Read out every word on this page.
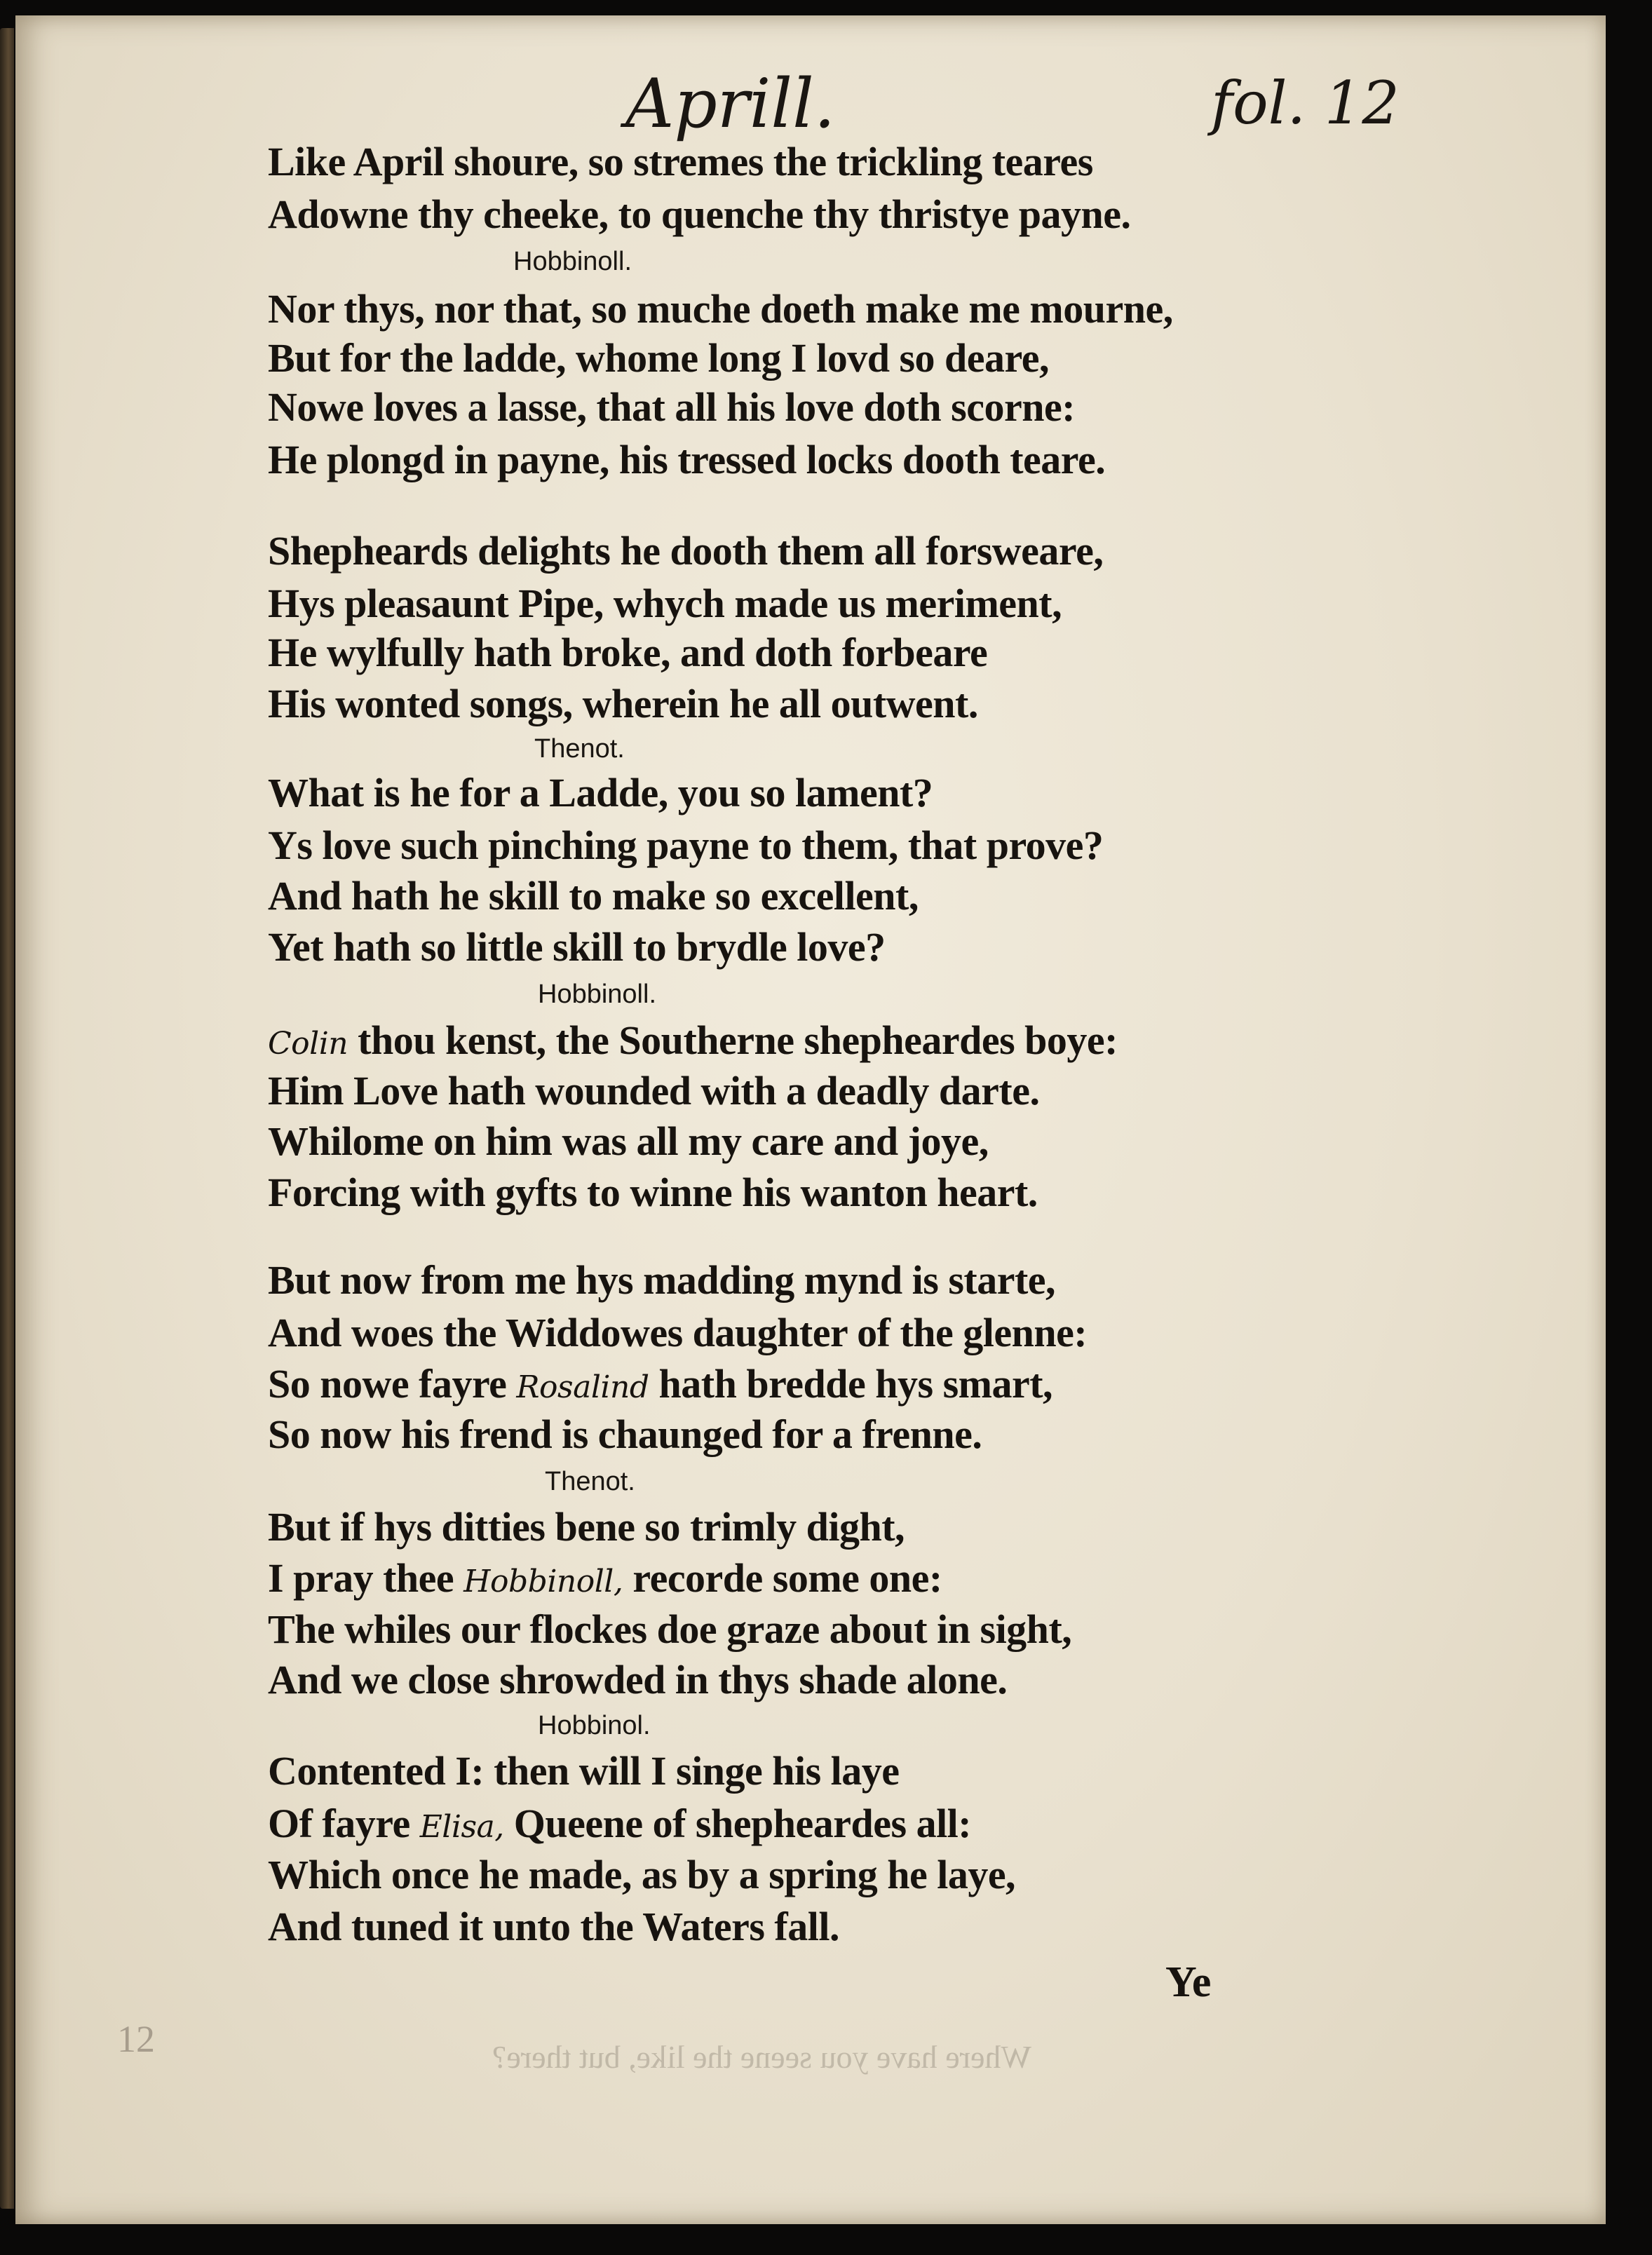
Aprill.	fol. 12
Like April shoure, so stremes the trickling teares
Adowne thy cheeke, to quenche thy thristye payne.
Hobbinoll.
Nor thys, nor that, so muche doeth make me mourne,
But for the ladde, whome long I lovd so deare,
Nowe loves a lasse, that all his love doth scorne:
He plongd in payne, his tressed locks dooth teare.
Shepheards delights he dooth them all forsweare,
Hys pleasaunt Pipe, whych made us meriment,
He wylfully hath broke, and doth forbeare
His wonted songs, wherein he all outwent.
Thenot.
What is he for a Ladde, you so lament?
Ys love such pinching payne to them, that prove?
And hath he skill to make so excellent,
Yet hath so little skill to brydle love?
Hobbinoll.
Colin thou kenst, the Southerne shepheardes boye:
Him Love hath wounded with a deadly darte.
Whilome on him was all my care and joye,
Forcing with gyfts to winne his wanton heart.
But now from me hys madding mynd is starte,
And woes the Widdowes daughter of the glenne:
So nowe fayre Rosalind hath bredde hys smart,
So now his frend is chaunged for a frenne.
Thenot.
But if hys ditties bene so trimly dight,
I pray thee Hobbinoll, recorde some one:
The whiles our flockes doe graze about in sight,
And we close shrowded in thys shade alone.
Hobbinol.
Contented I: then will I singe his laye
Of fayre Elisa, Queene of shepheardes all:
Which once he made, as by a spring he laye,
And tuned it unto the Waters fall.
Ye
12	Where have you seene the like, but there?
